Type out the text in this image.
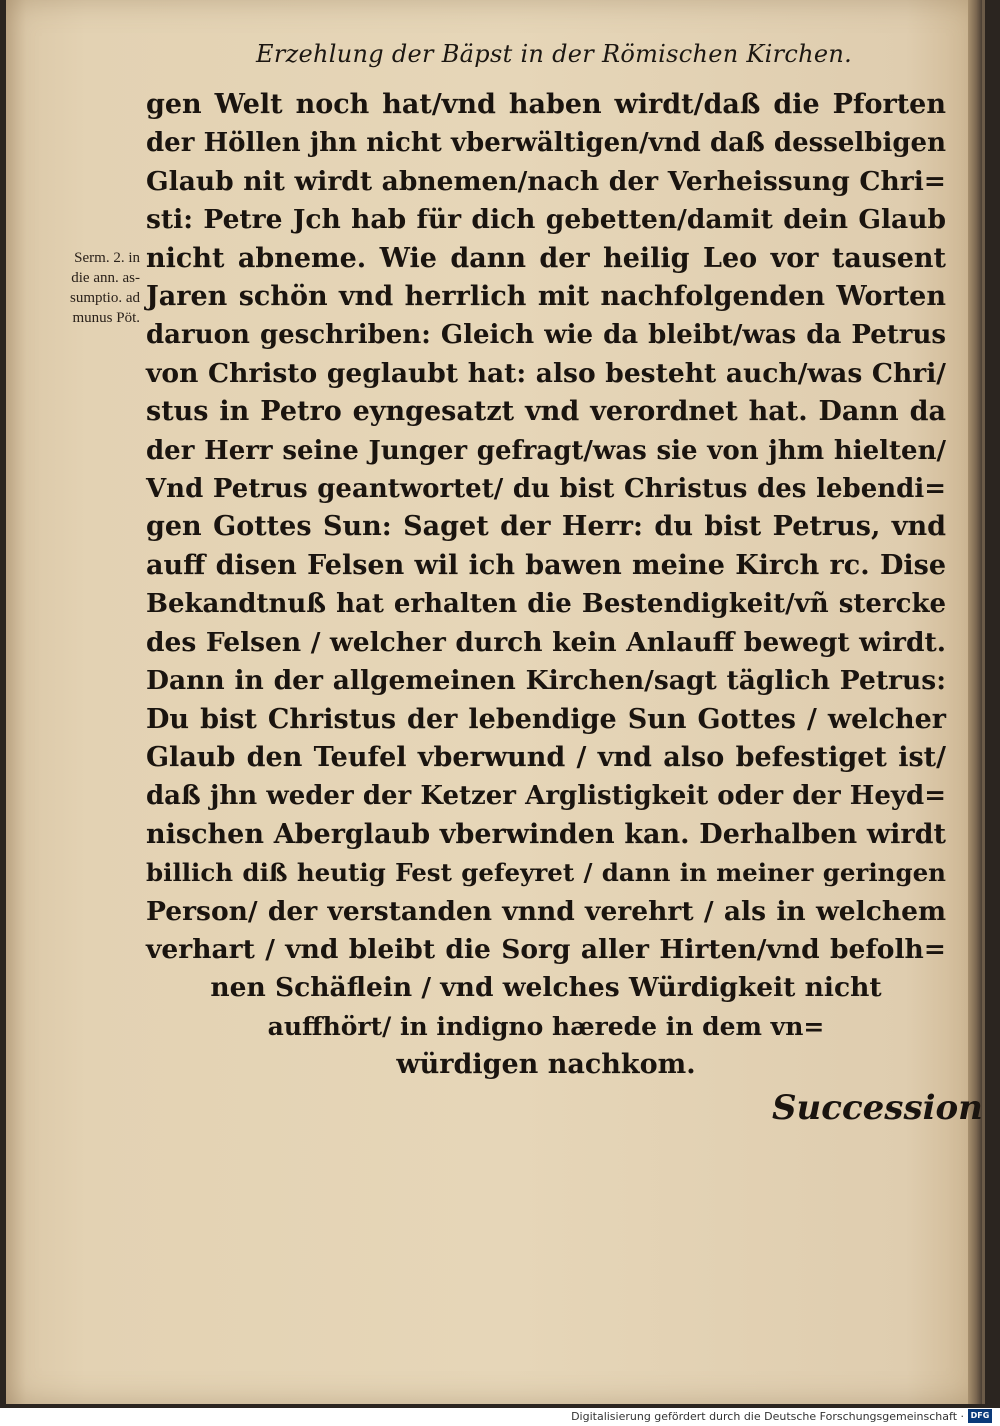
Erzehlung der Bäpst in der Römischen Kirchen.
Serm. 2. in
die ann. as-
sumptio. ad
munus Pöt.
gen Welt noch hat/vnd haben wirdt/daß die Pforten
der Höllen jhn nicht vberwältigen/vnd daß desselbigen
Glaub nit wirdt abnemen/nach der Verheissung Chri=
sti: Petre Jch hab für dich gebetten/damit dein Glaub
nicht abneme. Wie dann der heilig Leo vor tausent
Jaren schön vnd herrlich mit nachfolgenden Worten
daruon geschriben: Gleich wie da bleibt/was da Petrus
von Christo geglaubt hat: also besteht auch/was Chri/
stus in Petro eyngesatzt vnd verordnet hat. Dann da
der Herr seine Junger gefragt/was sie von jhm hielten/
Vnd Petrus geantwortet/ du bist Christus des lebendi=
gen Gottes Sun: Saget der Herr: du bist Petrus, vnd
auff disen Felsen wil ich bawen meine Kirch rc. Dise
Bekandtnuß hat erhalten die Bestendigkeit/vñ stercke
des Felsen / welcher durch kein Anlauff bewegt wirdt.
Dann in der allgemeinen Kirchen/sagt täglich Petrus:
Du bist Christus der lebendige Sun Gottes / welcher
Glaub den Teufel vberwund / vnd also befestiget ist/
daß jhn weder der Ketzer Arglistigkeit oder der Heyd=
nischen Aberglaub vberwinden kan. Derhalben wirdt
billich diß heutig Fest gefeyret / dann in meiner geringen
Person/ der verstanden vnnd verehrt / als in welchem
verhart / vnd bleibt die Sorg aller Hirten/vnd befolh=
nen Schäflein / vnd welches Würdigkeit nicht
auffhört/ in indigno hærede in dem vn=
würdigen nachkom.
Succession
Digitalisierung gefördert durch die Deutsche Forschungsgemeinschaft · DFG
